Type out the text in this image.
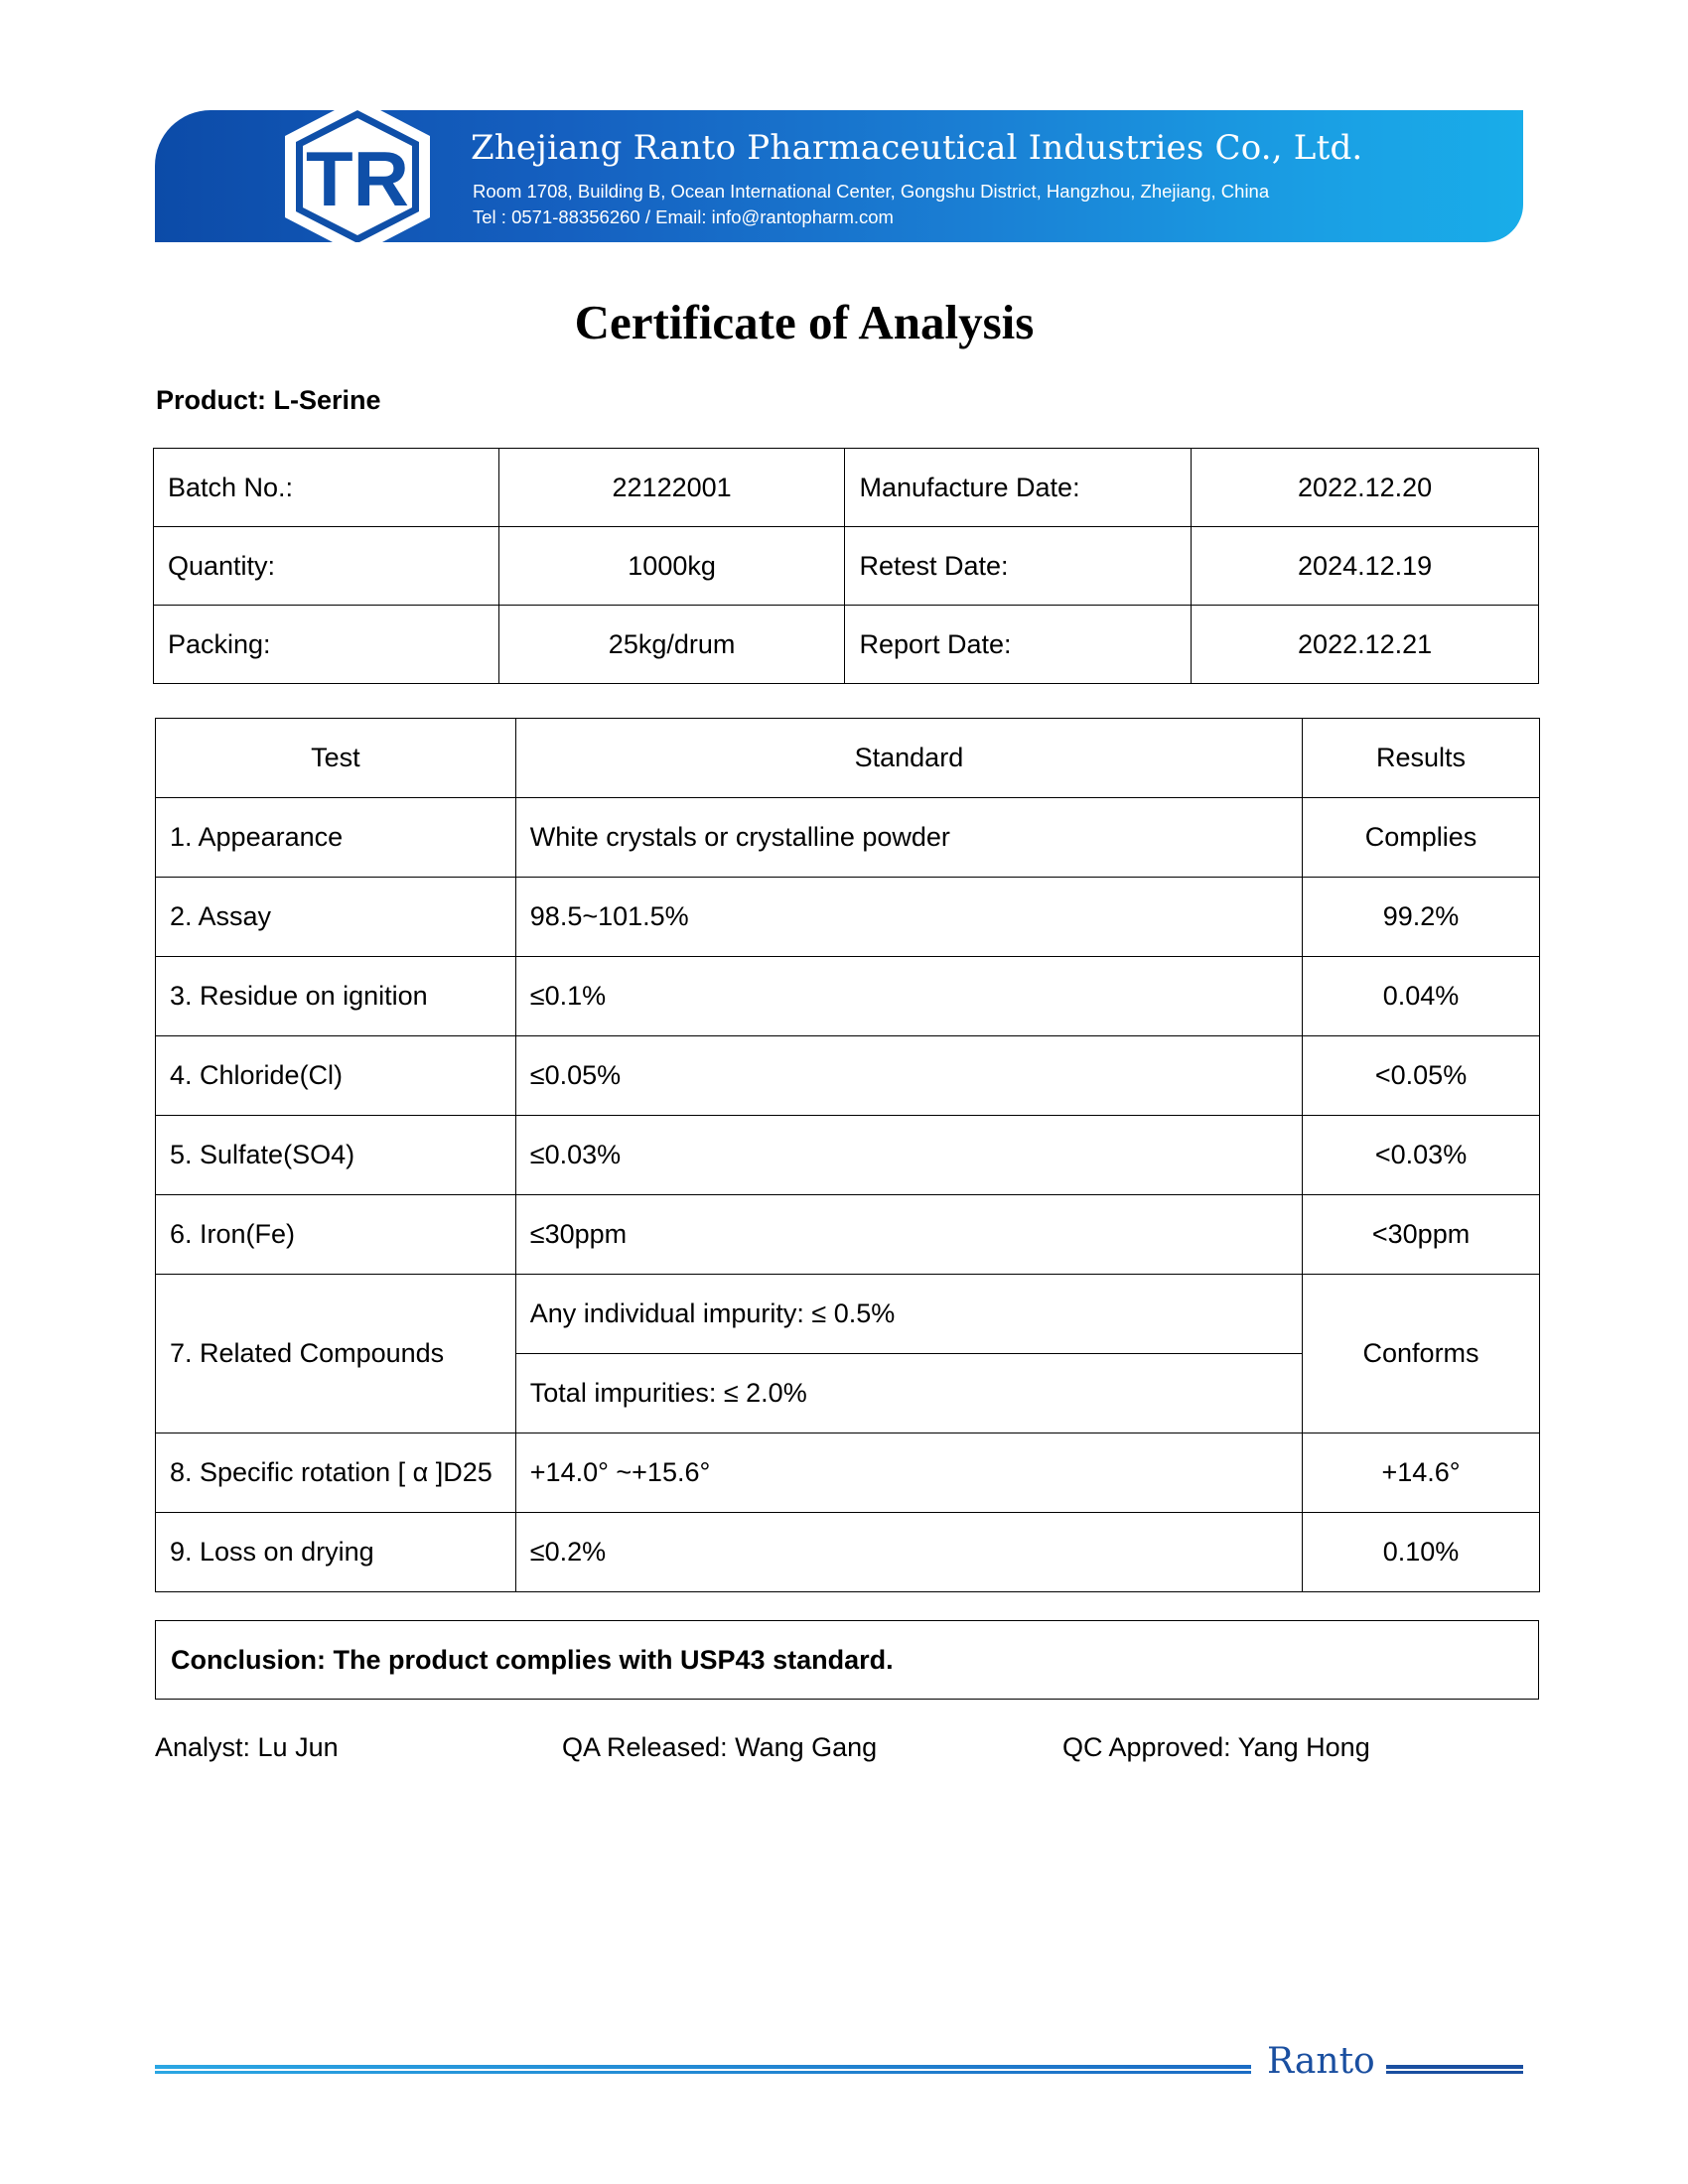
TR Zhejiang Ranto Pharmaceutical Industries Co., Ltd.
Room 1708, Building B, Ocean International Center, Gongshu District, Hangzhou, Zhejiang, China
Tel : 0571-88356260 / Email: info@rantopharm.com
Certificate of Analysis
Product: L-Serine
Batch No.:	22122001	Manufacture Date:	2022.12.20
Quantity:	1000kg	Retest Date:	2024.12.19
Packing:	25kg/drum	Report Date:	2022.12.21
Test	Standard	Results
1. Appearance	White crystals or crystalline powder	Complies
2. Assay	98.5~101.5%	99.2%
3. Residue on ignition	≤0.1%	0.04%
4. Chloride(Cl)	≤0.05%	<0.05%
5. Sulfate(SO4)	≤0.03%	<0.03%
6. Iron(Fe)	≤30ppm	<30ppm
7. Related Compounds	Any individual impurity: ≤ 0.5%	Conforms
	Total impurities: ≤ 2.0%	
8. Specific rotation [ α ]D25	+14.0° ~+15.6°	+14.6°
9. Loss on drying	≤0.2%	0.10%
Conclusion: The product complies with USP43 standard.
Analyst: Lu Jun	QA Released: Wang Gang	QC Approved: Yang Hong
Ranto
